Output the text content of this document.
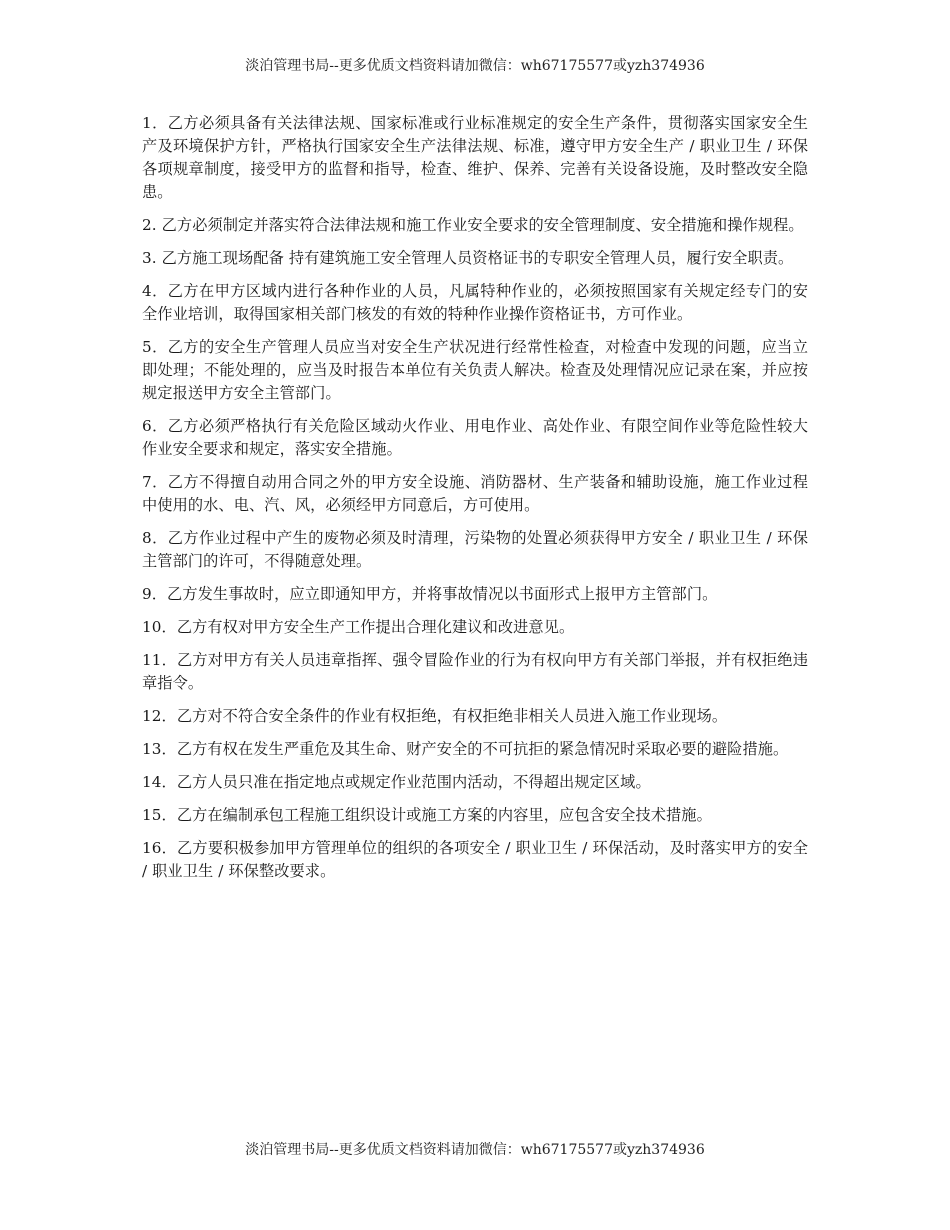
淡泊管理书局--更多优质文档资料请加微信：wh67175577或yzh374936

1．乙方必须具备有关法律法规、国家标准或行业标准规定的安全生产条件，贯彻落实国家安全生产及环境保护方针，严格执行国家安全生产法律法规、标准，遵守甲方安全生产 / 职业卫生 / 环保各项规章制度，接受甲方的监督和指导，检查、维护、保养、完善有关设备设施，及时整改安全隐患。

2. 乙方必须制定并落实符合法律法规和施工作业安全要求的安全管理制度、安全措施和操作规程。

3. 乙方施工现场配备 持有建筑施工安全管理人员资格证书的专职安全管理人员，履行安全职责。

4．乙方在甲方区域内进行各种作业的人员，凡属特种作业的，必须按照国家有关规定经专门的安全作业培训，取得国家相关部门核发的有效的特种作业操作资格证书，方可作业。

5．乙方的安全生产管理人员应当对安全生产状况进行经常性检查，对检查中发现的问题，应当立即处理；不能处理的，应当及时报告本单位有关负责人解决。检查及处理情况应记录在案，并应按规定报送甲方安全主管部门。

6．乙方必须严格执行有关危险区域动火作业、用电作业、高处作业、有限空间作业等危险性较大作业安全要求和规定，落实安全措施。

7．乙方不得擅自动用合同之外的甲方安全设施、消防器材、生产装备和辅助设施，施工作业过程中使用的水、电、汽、风，必须经甲方同意后，方可使用。

8．乙方作业过程中产生的废物必须及时清理，污染物的处置必须获得甲方安全 / 职业卫生 / 环保主管部门的许可，不得随意处理。

9．乙方发生事故时，应立即通知甲方，并将事故情况以书面形式上报甲方主管部门。

10．乙方有权对甲方安全生产工作提出合理化建议和改进意见。

11．乙方对甲方有关人员违章指挥、强令冒险作业的行为有权向甲方有关部门举报，并有权拒绝违章指令。

12．乙方对不符合安全条件的作业有权拒绝，有权拒绝非相关人员进入施工作业现场。

13．乙方有权在发生严重危及其生命、财产安全的不可抗拒的紧急情况时采取必要的避险措施。

14．乙方人员只准在指定地点或规定作业范围内活动，不得超出规定区域。

15．乙方在编制承包工程施工组织设计或施工方案的内容里，应包含安全技术措施。

16．乙方要积极参加甲方管理单位的组织的各项安全 / 职业卫生 / 环保活动，及时落实甲方的安全 / 职业卫生 / 环保整改要求。

淡泊管理书局--更多优质文档资料请加微信：wh67175577或yzh374936
